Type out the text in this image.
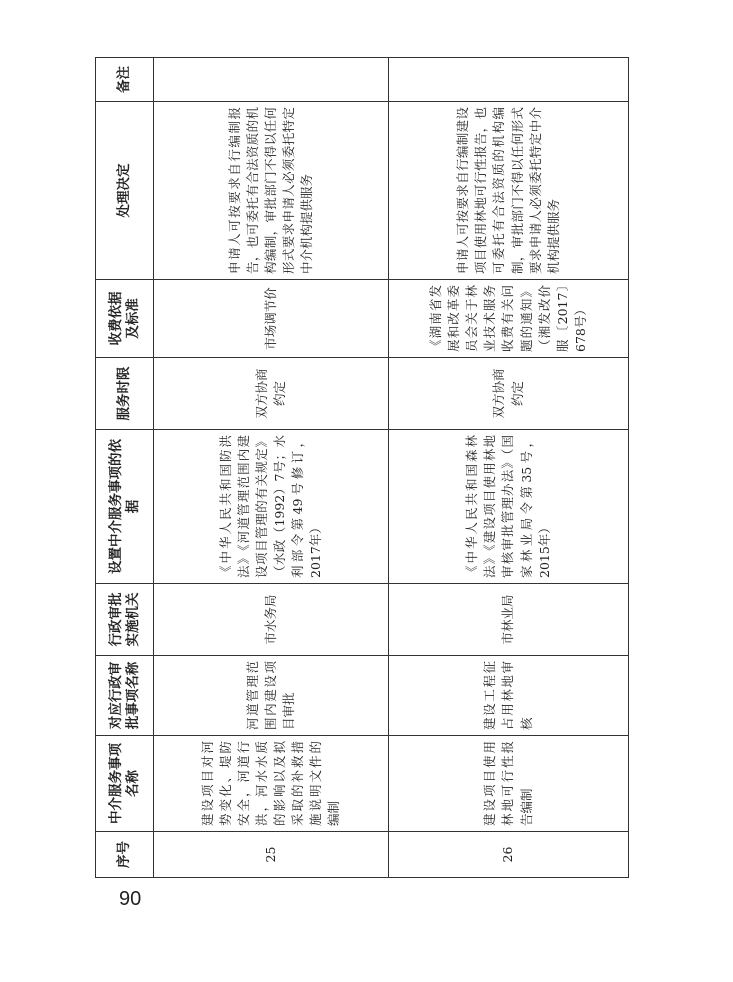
90
序号	中介服务事项名称	对应行政审批事项名称	行政审批实施机关	设置中介服务事项的依据	服务时限	收费依据及标准	处理决定	备注
25	建设项目对河势变化、堤防安全，河道行洪，河水水质的影响以及拟采取的补救措施说明文件的编制	河道管理范围内建设项目审批	市水务局	《中华人民共和国防洪法》《河道管理范围内建设项目管理的有关规定》（水政（1992）7号；水利部令第49号修订，2017年）	双方协商约定	市场调节价	申请人可按要求自行编制报告，也可委托有合法资质的机构编制，审批部门不得以任何形式要求申请人必须委托特定中介机构提供服务	
26	建设项目使用林地可行性报告编制	建设工程征占用林地审核	市林业局	《中华人民共和国森林法》《建设项目使用林地审核审批管理办法》（国家林业局令第35号，2015年）	双方协商约定	《湖南省发展和改革委员会关于林业技术服务收费有关问题的通知》（湘发改价服〔2017〕678号）	申请人可按要求自行编制建设项目使用林地可行性报告，也可委托有合法资质的机构编制，审批部门不得以任何形式要求申请人必须委托特定中介机构提供服务	
